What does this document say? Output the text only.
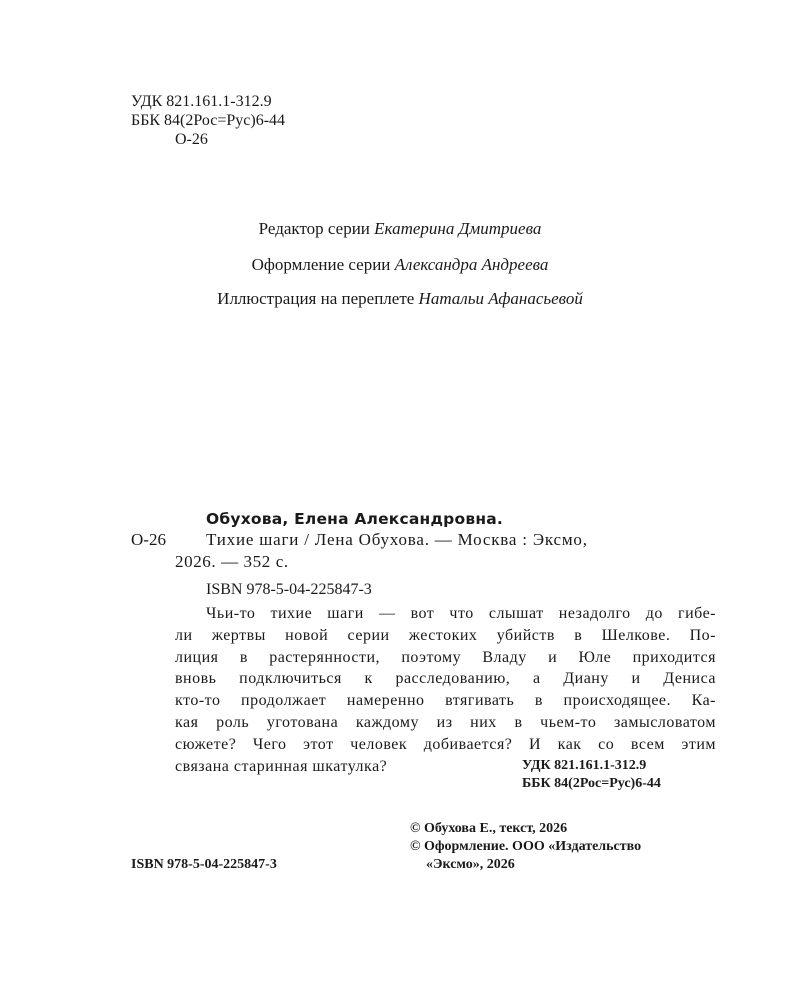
УДК 821.161.1-312.9
ББК 84(2Рос=Рус)6-44
О-26
Редактор серии Екатерина Дмитриева
Оформление серии Александра Андреева
Иллюстрация на переплете Натальи Афанасьевой
Обухова, Елена Александровна.
О-26 Тихие шаги / Лена Обухова. — Москва : Эксмо,
2026. — 352 с.
ISBN 978-5-04-225847-3
Чьи-то тихие шаги — вот что слышат незадолго до гибе-
ли жертвы новой серии жестоких убийств в Шелкове. По-
лиция в растерянности, поэтому Владу и Юле приходится
вновь подключиться к расследованию, а Диану и Дениса
кто-то продолжает намеренно втягивать в происходящее. Ка-
кая роль уготована каждому из них в чьем-то замысловатом
сюжете? Чего этот человек добивается? И как со всем этим
связана старинная шкатулка?	УДК 821.161.1-312.9
ББК 84(2Рос=Рус)6-44
© Обухова Е., текст, 2026
© Оформление. ООО «Издательство
«Эксмо», 2026
ISBN 978-5-04-225847-3
